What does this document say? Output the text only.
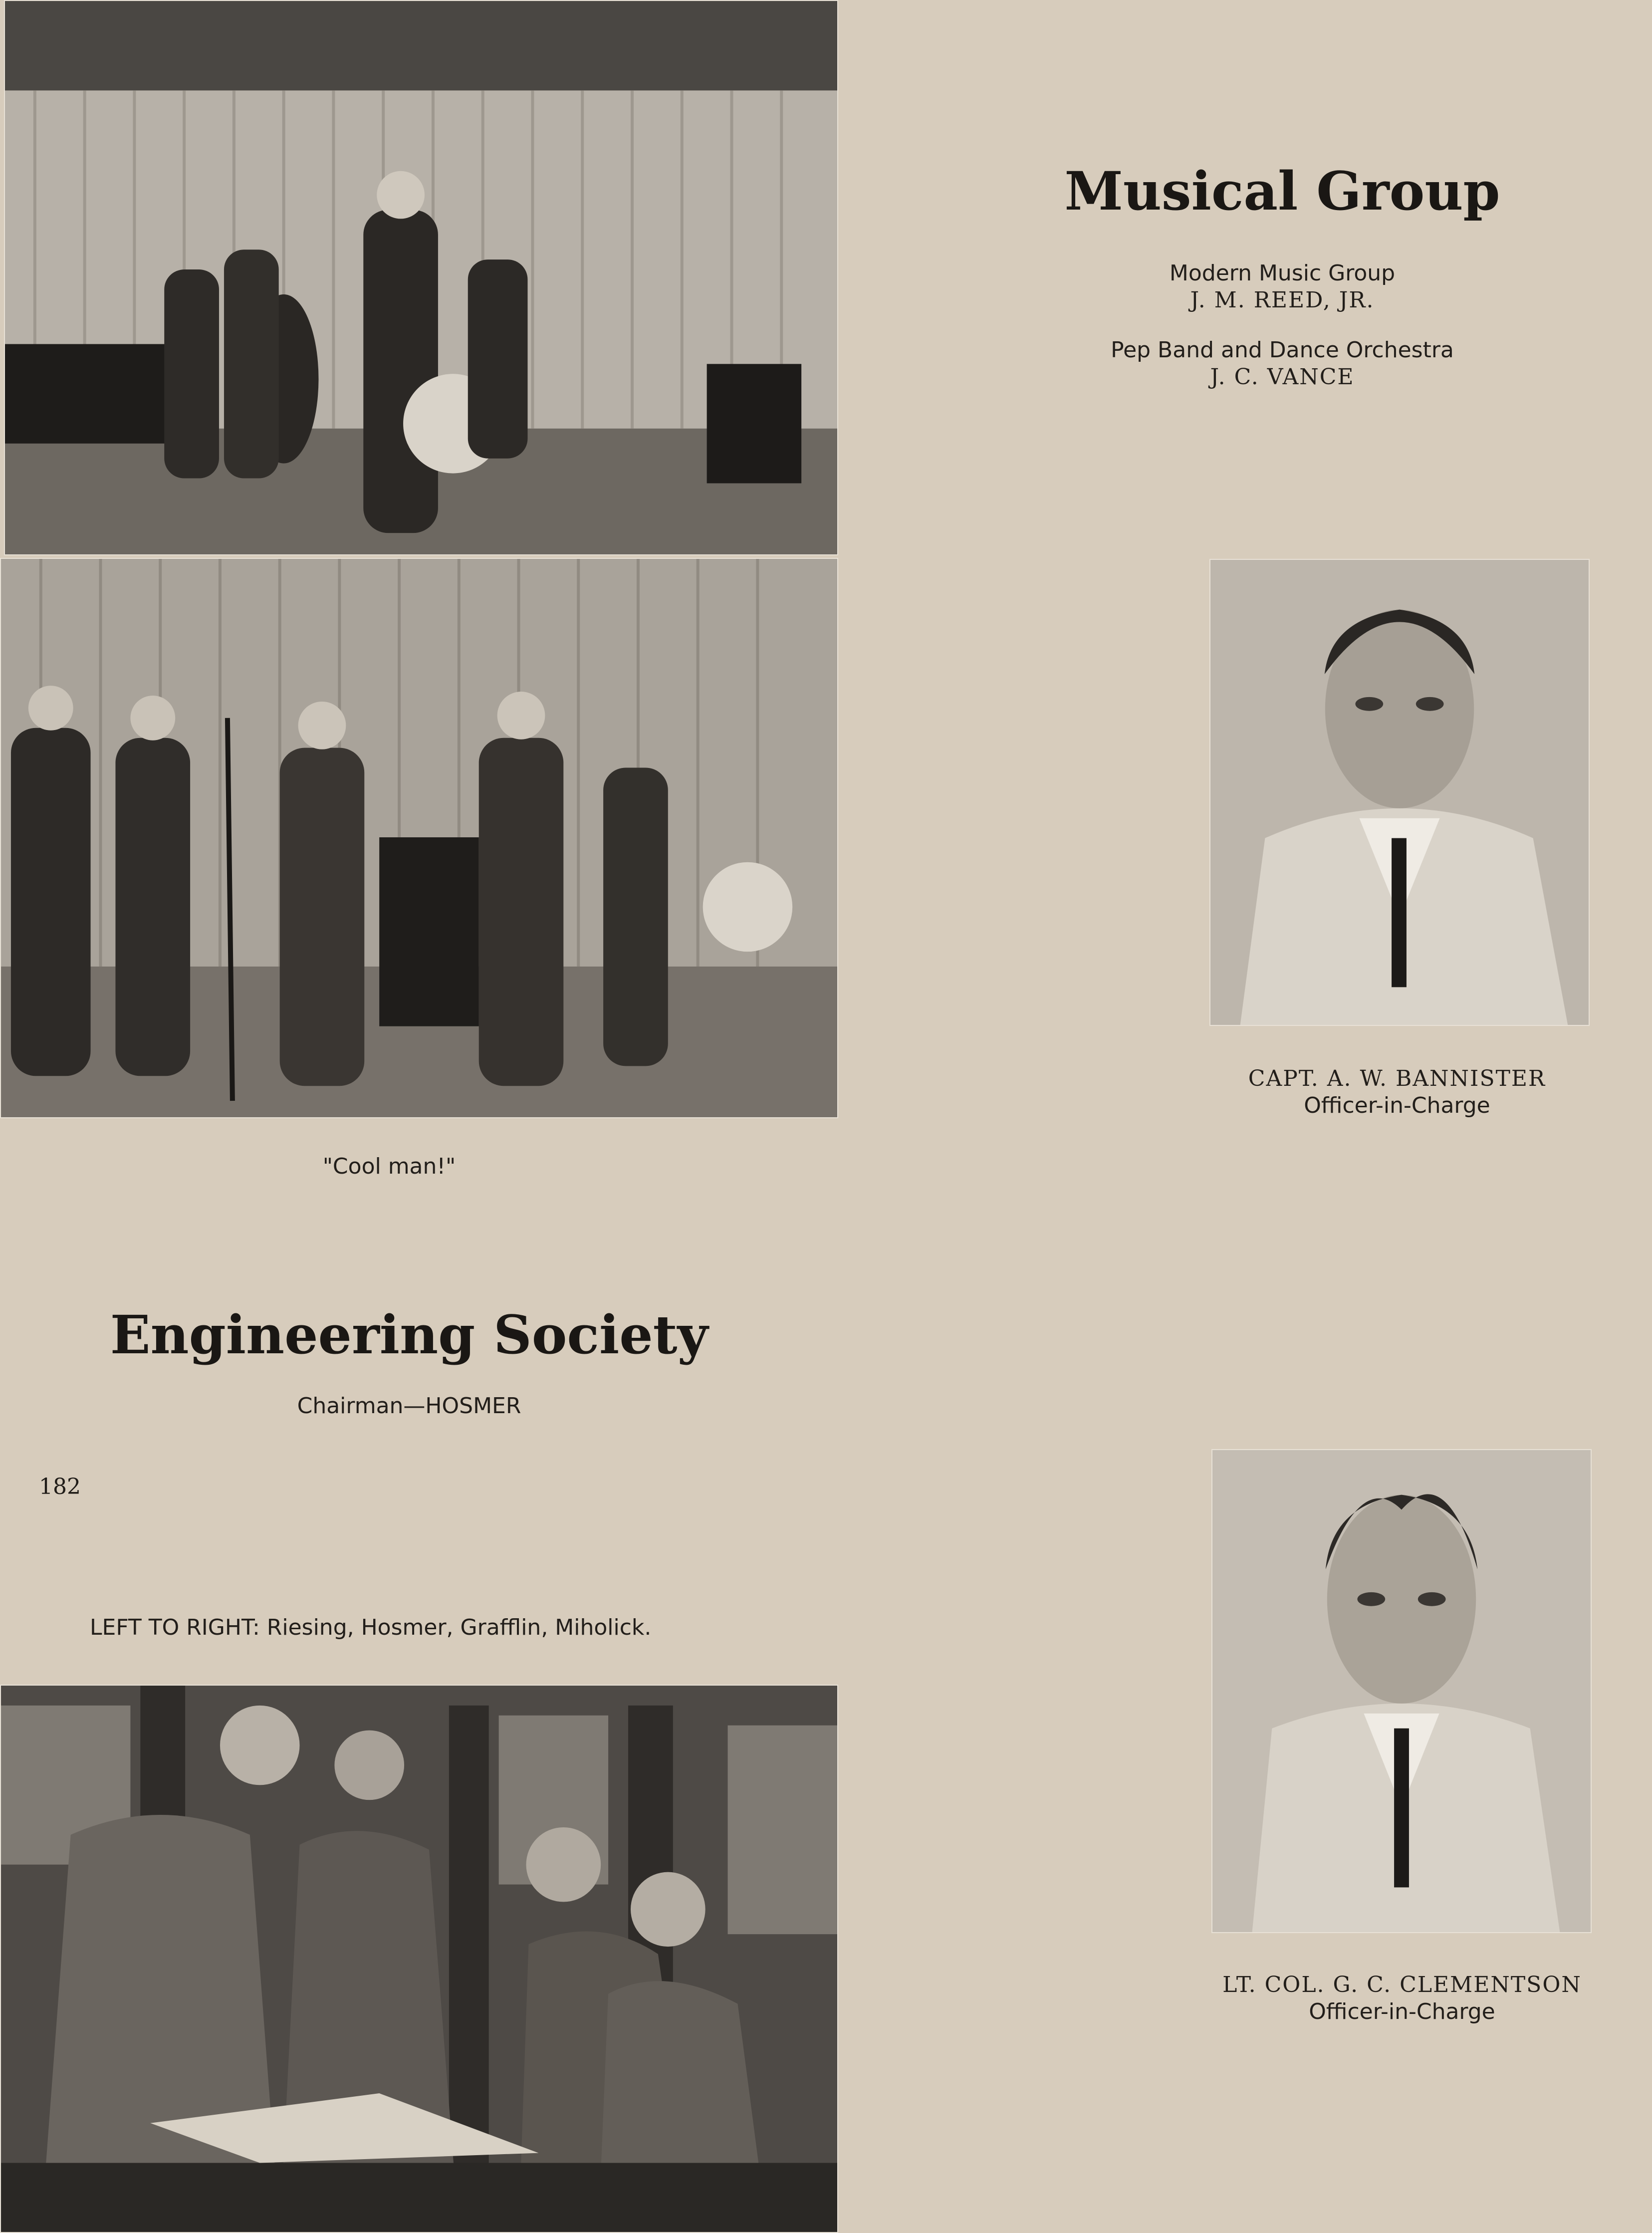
"Cool man!"
Musical Group
Modern Music Group
J. M. REED, JR.
Pep Band and Dance Orchestra
J. C. VANCE
CAPT. A. W. BANNISTER
Officer-in-Charge
Engineering Society
Chairman—HOSMER
182
LEFT TO RIGHT: Riesing, Hosmer, Grafflin, Miholick.
LT. COL. G. C. CLEMENTSON
Officer-in-Charge
